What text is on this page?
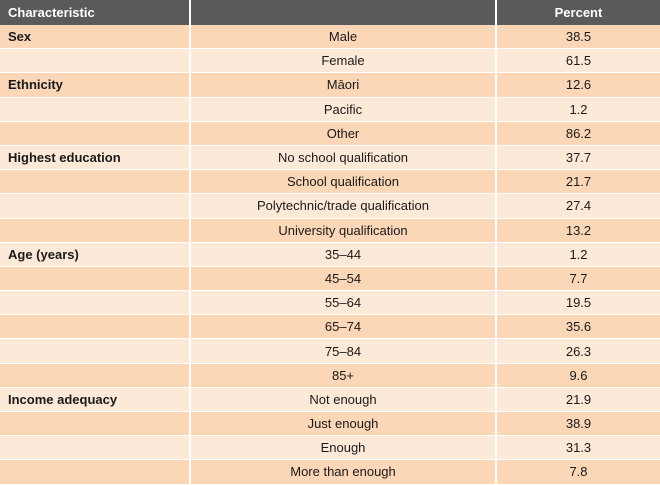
Characteristic		Percent
Sex	Male	38.5
	Female	61.5
Ethnicity	Māori	12.6
	Pacific	1.2
	Other	86.2
Highest education	No school qualification	37.7
	School qualification	21.7
	Polytechnic/trade qualification	27.4
	University qualification	13.2
Age (years)	35–44	1.2
	45–54	7.7
	55–64	19.5
	65–74	35.6
	75–84	26.3
	85+	9.6
Income adequacy	Not enough	21.9
	Just enough	38.9
	Enough	31.3
	More than enough	7.8
